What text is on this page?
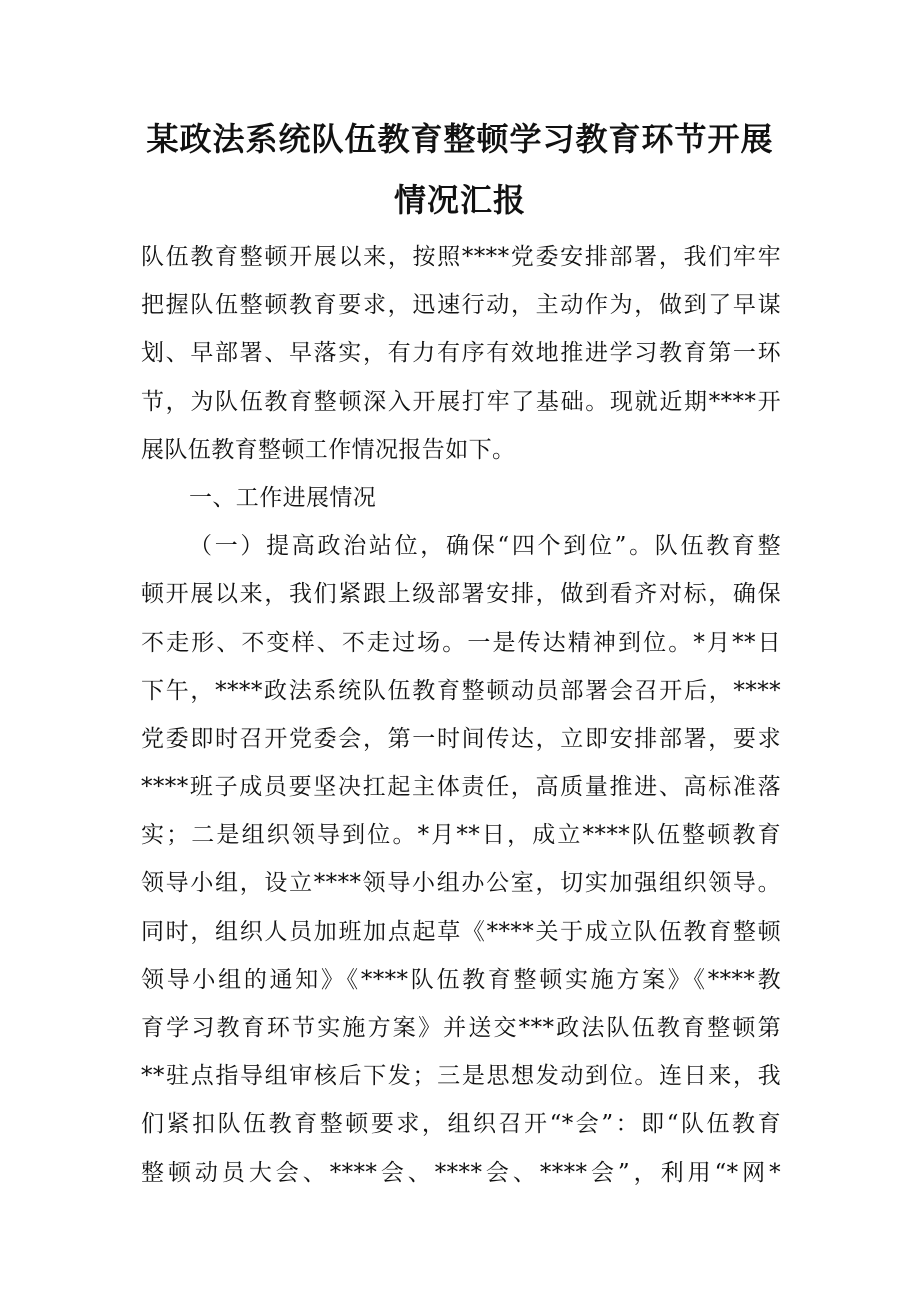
某政法系统队伍教育整顿学习教育环节开展
情况汇报
队伍教育整顿开展以来，按照****党委安排部署，我们牢牢
把握队伍整顿教育要求，迅速行动，主动作为，做到了早谋
划、早部署、早落实，有力有序有效地推进学习教育第一环
节，为队伍教育整顿深入开展打牢了基础。现就近期****开
展队伍教育整顿工作情况报告如下。
一、工作进展情况
（一）提高政治站位，确保“四个到位”。队伍教育整
顿开展以来，我们紧跟上级部署安排，做到看齐对标，确保
不走形、不变样、不走过场。一是传达精神到位。*月**日
下午，****政法系统队伍教育整顿动员部署会召开后，****
党委即时召开党委会，第一时间传达，立即安排部署，要求
****班子成员要坚决扛起主体责任，高质量推进、高标准落
实；二是组织领导到位。*月**日，成立****队伍整顿教育
领导小组，设立****领导小组办公室，切实加强组织领导。
同时，组织人员加班加点起草《****关于成立队伍教育整顿
领导小组的通知》《****队伍教育整顿实施方案》《****教
育学习教育环节实施方案》并送交***政法队伍教育整顿第
**驻点指导组审核后下发；三是思想发动到位。连日来，我
们紧扣队伍教育整顿要求，组织召开“*会”：即“队伍教育
整顿动员大会、****会、****会、****会”，利用“*网*
